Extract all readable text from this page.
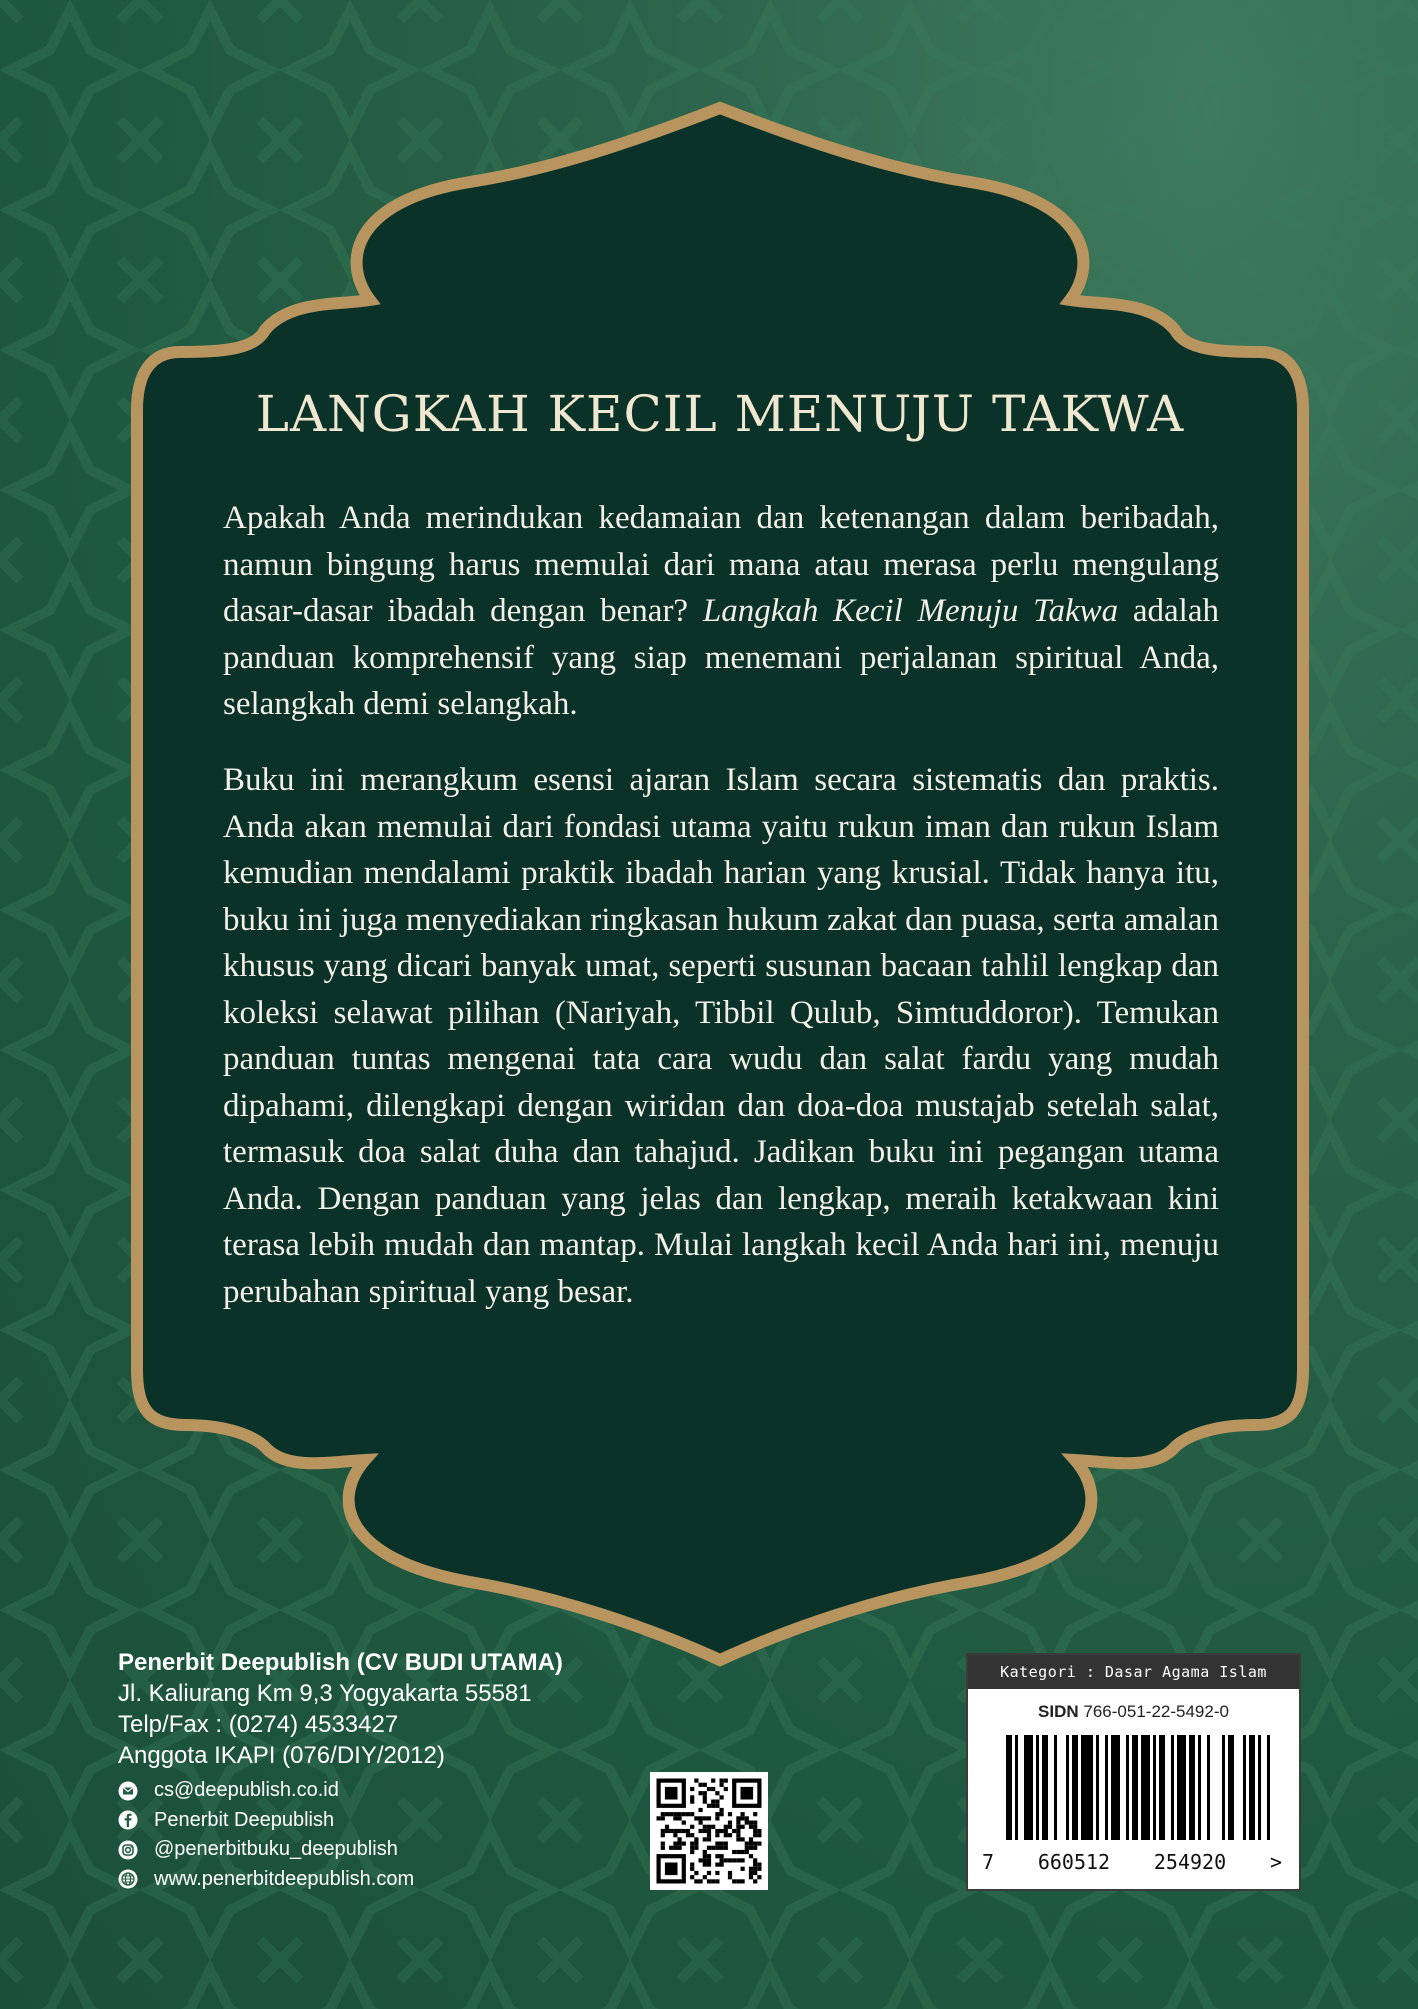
LANGKAH KECIL MENUJU TAKWA

Apakah Anda merindukan kedamaian dan ketenangan dalam beribadah, namun bingung harus memulai dari mana atau merasa perlu mengulang dasar-dasar ibadah dengan benar? Langkah Kecil Menuju Takwa adalah panduan komprehensif yang siap menemani perjalanan spiritual Anda, selangkah demi selangkah.

Buku ini merangkum esensi ajaran Islam secara sistematis dan praktis. Anda akan memulai dari fondasi utama yaitu rukun iman dan rukun Islam kemudian mendalami praktik ibadah harian yang krusial. Tidak hanya itu, buku ini juga menyediakan ringkasan hukum zakat dan puasa, serta amalan khusus yang dicari banyak umat, seperti susunan bacaan tahlil lengkap dan koleksi selawat pilihan (Nariyah, Tibbil Qulub, Simtuddoror). Temukan panduan tuntas mengenai tata cara wudu dan salat fardu yang mudah dipahami, dilengkapi dengan wiridan dan doa-doa mustajab setelah salat, termasuk doa salat duha dan tahajud. Jadikan buku ini pegangan utama Anda. Dengan panduan yang jelas dan lengkap, meraih ketakwaan kini terasa lebih mudah dan mantap. Mulai langkah kecil Anda hari ini, menuju perubahan spiritual yang besar.

Penerbit Deepublish (CV BUDI UTAMA)
Jl. Kaliurang Km 9,3 Yogyakarta 55581
Telp/Fax : (0274) 4533427
Anggota IKAPI (076/DIY/2012)
cs@deepublish.co.id
Penerbit Deepublish
@penerbitbuku_deepublish
www.penerbitdeepublish.com
Kategori : Dasar Agama Islam
SIDN 766-051-22-5492-0
7 660512 254920 >
